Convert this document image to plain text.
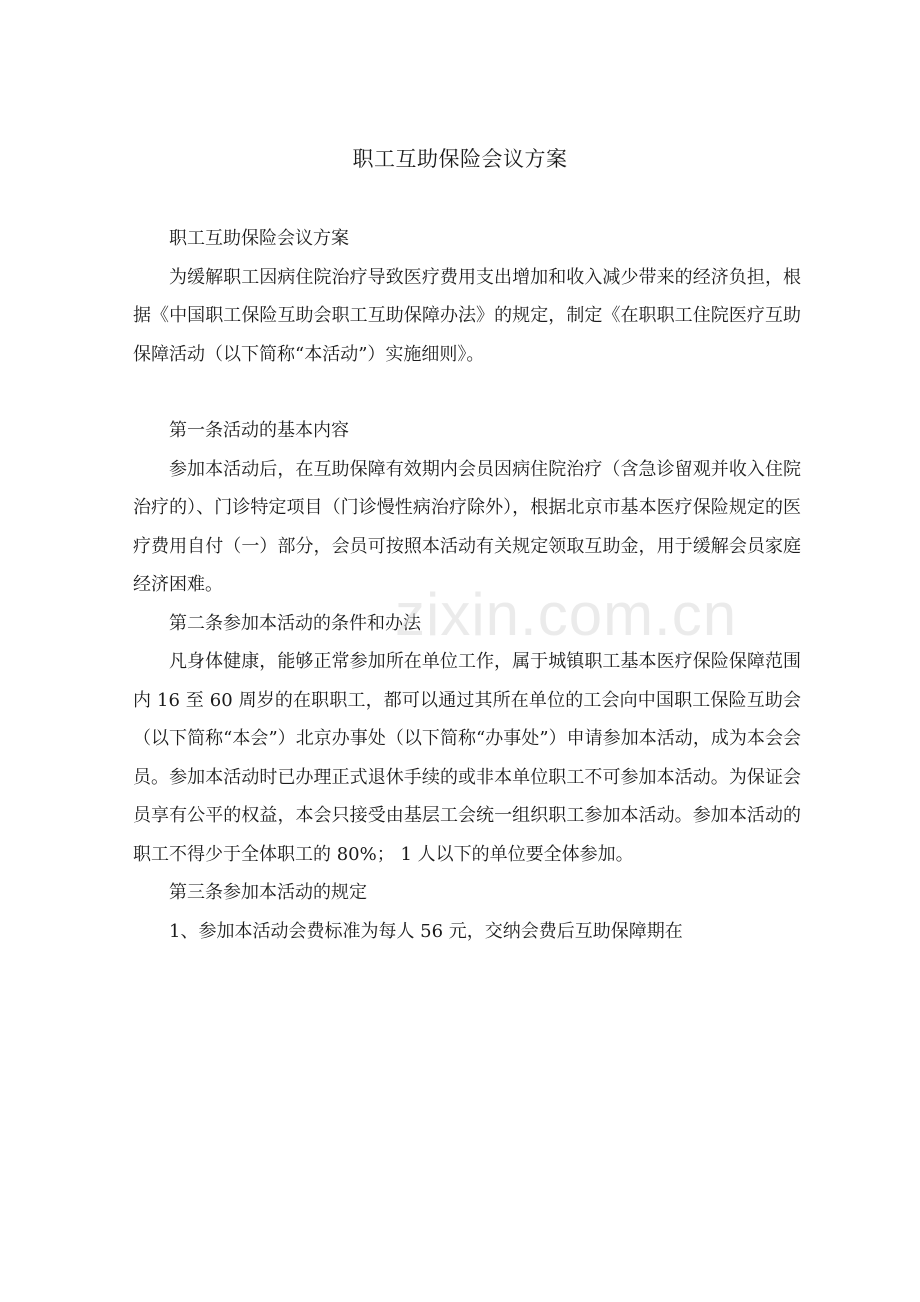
职工互助保险会议方案

职工互助保险会议方案

为缓解职工因病住院治疗导致医疗费用支出增加和收入减少带来的经济负担，根据《中国职工保险互助会职工互助保障办法》的规定，制定《在职职工住院医疗互助保障活动（以下简称“本活动”）实施细则》。

第一条活动的基本内容

参加本活动后，在互助保障有效期内会员因病住院治疗（含急诊留观并收入住院治疗的）、门诊特定项目（门诊慢性病治疗除外），根据北京市基本医疗保险规定的医疗费用自付（一）部分，会员可按照本活动有关规定领取互助金，用于缓解会员家庭经济困难。

第二条参加本活动的条件和办法

凡身体健康，能够正常参加所在单位工作，属于城镇职工基本医疗保险保障范围内 16 至 60 周岁的在职职工，都可以通过其所在单位的工会向中国职工保险互助会（以下简称“本会”）北京办事处（以下简称“办事处”）申请参加本活动，成为本会会员。参加本活动时已办理正式退休手续的或非本单位职工不可参加本活动。为保证会员享有公平的权益，本会只接受由基层工会统一组织职工参加本活动。参加本活动的职工不得少于全体职工的 80%； 1 人以下的单位要全体参加。

第三条参加本活动的规定

1、参加本活动会费标准为每人 56 元，交纳会费后互助保障期在

zixin.com.cn
